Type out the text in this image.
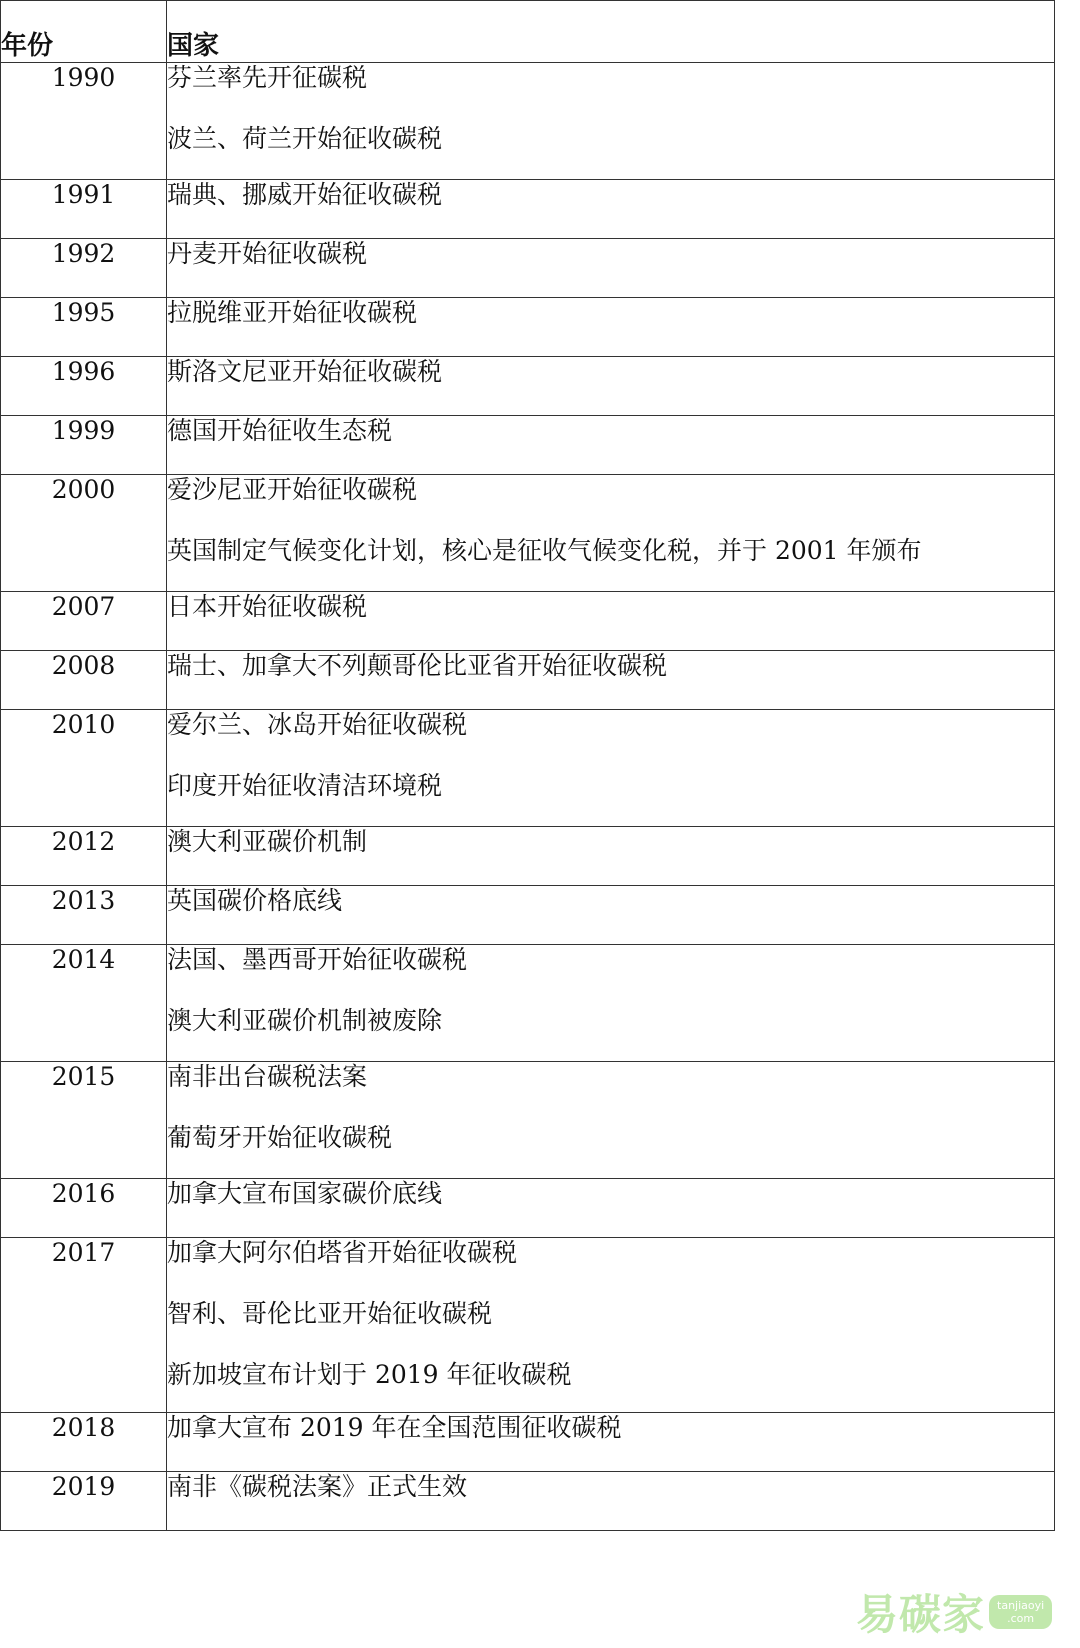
年份	国家
1990	芬兰率先开征碳税
波兰、荷兰开始征收碳税

1991	瑞典、挪威开始征收碳税

1992	丹麦开始征收碳税

1995	拉脱维亚开始征收碳税

1996	斯洛文尼亚开始征收碳税

1999	德国开始征收生态税

2000	爱沙尼亚开始征收碳税
英国制定气候变化计划，核心是征收气候变化税，并于 2001 年颁布

2007	日本开始征收碳税

2008	瑞士、加拿大不列颠哥伦比亚省开始征收碳税

2010	爱尔兰、冰岛开始征收碳税
印度开始征收清洁环境税

2012	澳大利亚碳价机制

2013	英国碳价格底线

2014	法国、墨西哥开始征收碳税
澳大利亚碳价机制被废除

2015	南非出台碳税法案
葡萄牙开始征收碳税

2016	加拿大宣布国家碳价底线

2017	加拿大阿尔伯塔省开始征收碳税
智利、哥伦比亚开始征收碳税
新加坡宣布计划于 2019 年征收碳税

2018	加拿大宣布 2019 年在全国范围征收碳税

2019	南非《碳税法案》正式生效
易碳家	tanjiaoyi
.com
